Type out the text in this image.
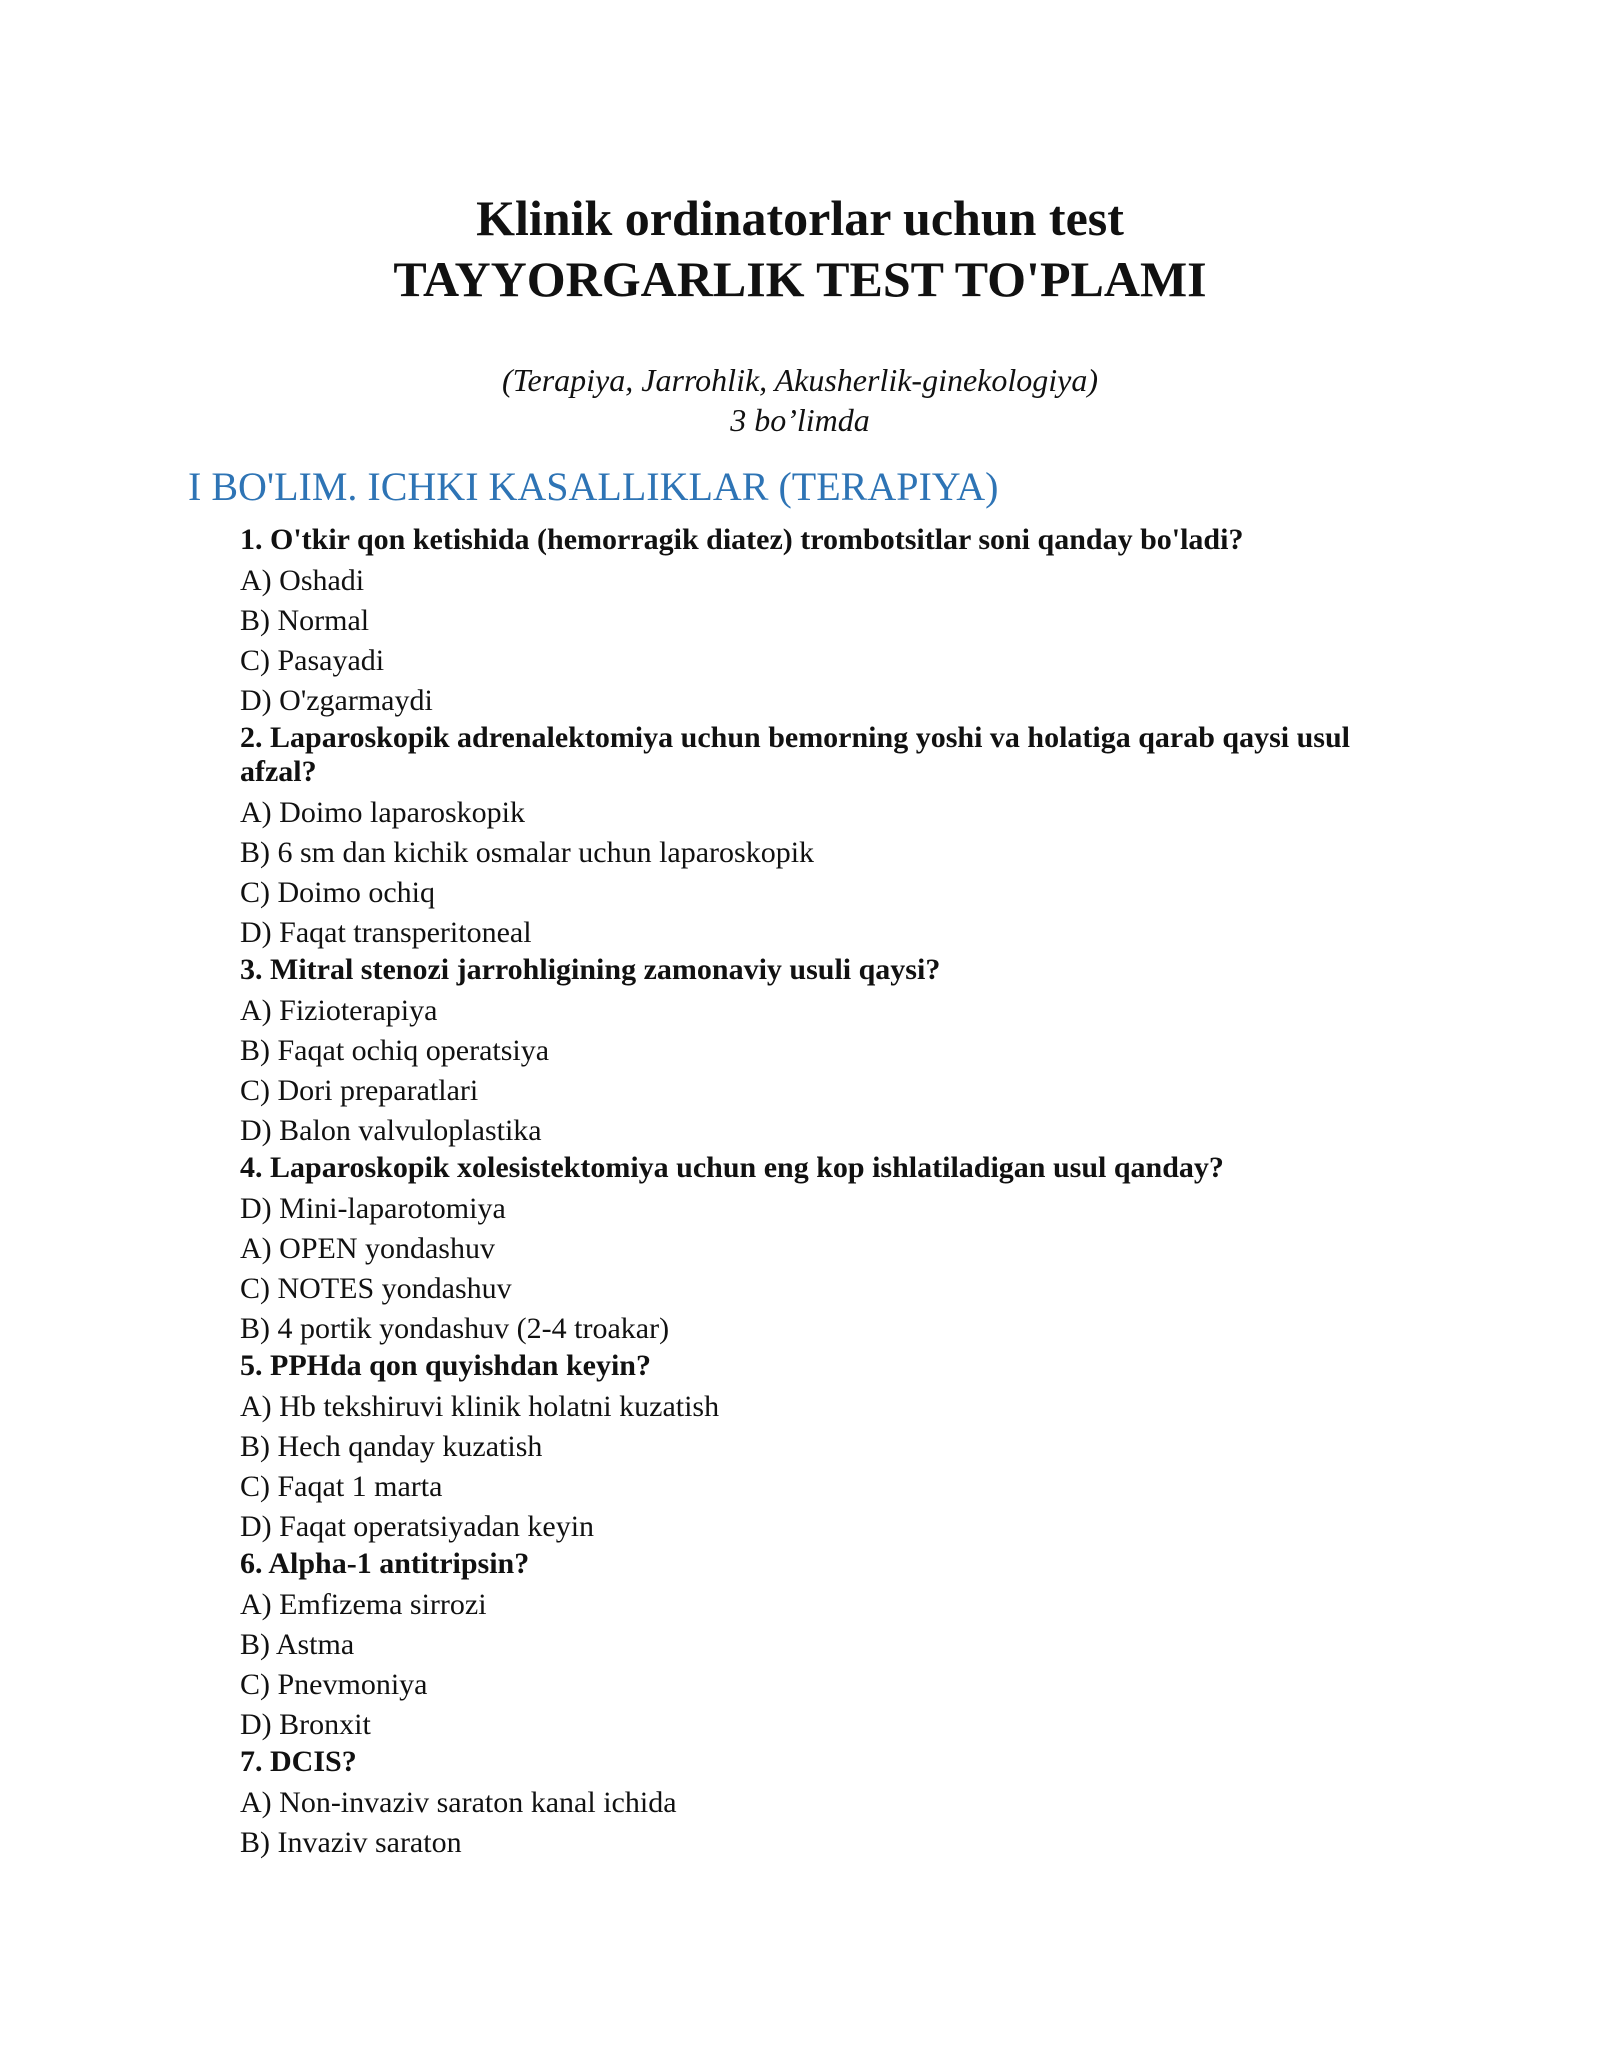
Klinik ordinatorlar uchun test
TAYYORGARLIK TEST TO'PLAMI
(Terapiya, Jarrohlik, Akusherlik-ginekologiya)
3 bo’limda
I BO'LIM. ICHKI KASALLIKLAR (TERAPIYA)
1. O'tkir qon ketishida (hemorragik diatez) trombotsitlar soni qanday bo'ladi?
A) Oshadi
B) Normal
C) Pasayadi
D) O'zgarmaydi
2. Laparoskopik adrenalektomiya uchun bemorning yoshi va holatiga qarab qaysi usul afzal?
A) Doimo laparoskopik
B) 6 sm dan kichik osmalar uchun laparoskopik
C) Doimo ochiq
D) Faqat transperitoneal
3. Mitral stenozi jarrohligining zamonaviy usuli qaysi?
A) Fizioterapiya
B) Faqat ochiq operatsiya
C) Dori preparatlari
D) Balon valvuloplastika
4. Laparoskopik xolesistektomiya uchun eng kop ishlatiladigan usul qanday?
D) Mini-laparotomiya
A) OPEN yondashuv
C) NOTES yondashuv
B) 4 portik yondashuv (2-4 troakar)
5. PPHda qon quyishdan keyin?
A) Hb tekshiruvi klinik holatni kuzatish
B) Hech qanday kuzatish
C) Faqat 1 marta
D) Faqat operatsiyadan keyin
6. Alpha-1 antitripsin?
A) Emfizema sirrozi
B) Astma
C) Pnevmoniya
D) Bronxit
7. DCIS?
A) Non-invaziv saraton kanal ichida
B) Invaziv saraton
